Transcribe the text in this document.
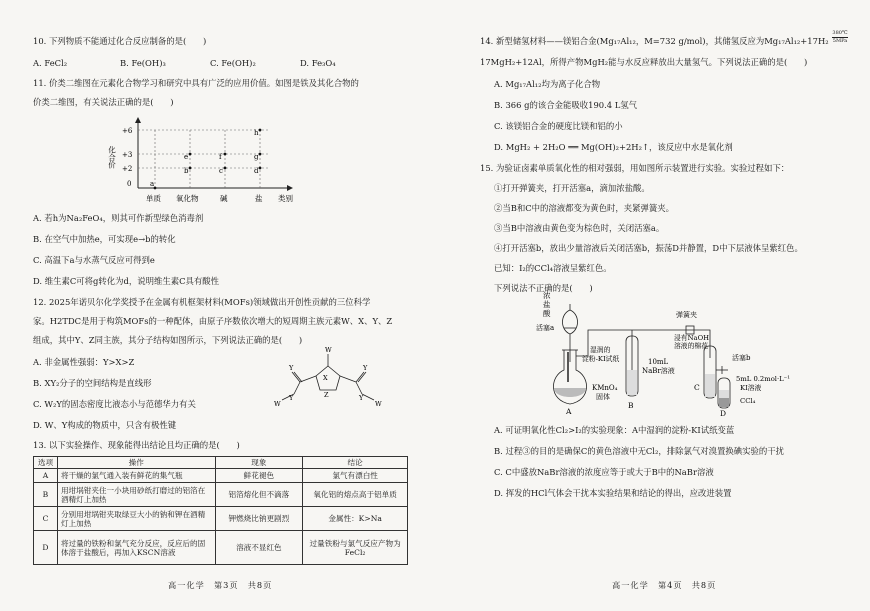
10. 下列物质不能通过化合反应制备的是(　　)
A. FeCl₂	B. Fe(OH)₃	C. Fe(OH)₂	D. Fe₃O₄
11. 价类二维图在元素化合物学习和研究中具有广泛的应用价值。如图是铁及其化合物的
价类二维图，有关说法正确的是(　　)
化合价
+6
+3
+2
0
单质 氧化物	碱	盐 类别
a
b	c	d
e	f	g
h
A. 若h为Na₂FeO₄，则其可作新型绿色消毒剂
B. 在空气中加热e，可实现e→b的转化
C. 高温下a与水蒸气反应可得到e
D. 维生素C可将g转化为d，说明维生素C具有酸性
12. 2025年诺贝尔化学奖授予在金属有机框架材料(MOFs)领域做出开创性贡献的三位科学
家。H2TDC是用于构筑MOFs的一种配体，由原子序数依次增大的短周期主族元素W、X、Y、Z
组成，其中Y、Z同主族，其分子结构如图所示，下列说法正确的是(　　)
A. 非金属性强弱：Y>X>Z
B. XY₂分子的空间结构是直线形
C. W₂Y的固态密度比液态小与范德华力有关
D. W、Y构成的物质中，只含有极性键
W
X
Z
Y
Y
W
Y
Y
W
13. 以下实验操作、现象能得出结论且均正确的是(　　)
选项	操作	现象	结论
A	将干燥的氯气通入装有鲜花的集气瓶	鲜花褪色	氯气有漂白性
B	用坩埚钳夹住一小块用砂纸打磨过的铝箔在酒精灯上加热	铝箔熔化但不滴落	氧化铝的熔点高于铝单质
C	分别用坩埚钳夹取绿豆大小的钠和钾在酒精灯上加热	钾燃烧比钠更剧烈	金属性：K>Na
D	将过量的铁粉和氯气充分反应，反应后的固体溶于盐酸后，再加入KSCN溶液	溶液不显红色	过量铁粉与氯气反应产物为FeCl₂
高一化学　第3页　共8页
14. 新型储氢材料——镁铝合金(Mg₁₇Al₁₂，M=732 g/mol)，其储氢反应为Mg₁₇Al₁₂+17H₂
380℃
5MPa
17MgH₂+12Al，所得产物MgH₂能与水反应释放出大量氢气。下列说法正确的是(　　)
A. Mg₁₇Al₁₂均为离子化合物
B. 366 g的该合金能吸收190.4 L氢气
C. 该镁铝合金的硬度比镁和铝的小
D. MgH₂ + 2H₂O ══ Mg(OH)₂+2H₂↑，该反应中水是氧化剂
15. 为验证卤素单质氧化性的相对强弱，用如图所示装置进行实验。实验过程如下：
①打开弹簧夹，打开活塞a，滴加浓盐酸。
②当B和C中的溶液都变为黄色时，夹紧弹簧夹。
③当B中溶液由黄色变为棕色时，关闭活塞a。
④打开活塞b，放出少量溶液后关闭活塞b，振荡D并静置，D中下层液体呈紫红色。
已知：I₂的CCl₄溶液呈紫红色。
下列说法不正确的是(　　)
浓
盐
酸
活塞a
弹簧夹
浸有NaOH
溶液的棉花
湿润的
淀粉-KI试纸
KMnO₄
固体
10mL
NaBr溶液
活塞b
5mL 0.2mol·L⁻¹
KI溶液
CCl₄
A
B
C
D
A. 可证明氧化性Cl₂>I₂的实验现象：A中湿润的淀粉-KI试纸变蓝
B. 过程③的目的是确保C的黄色溶液中无Cl₂，排除氯气对溴置换碘实验的干扰
C. C中盛放NaBr溶液的浓度应等于或大于B中的NaBr溶液
D. 挥发的HCl气体会干扰本实验结果和结论的得出，应改进装置
高一化学　第4页　共8页
